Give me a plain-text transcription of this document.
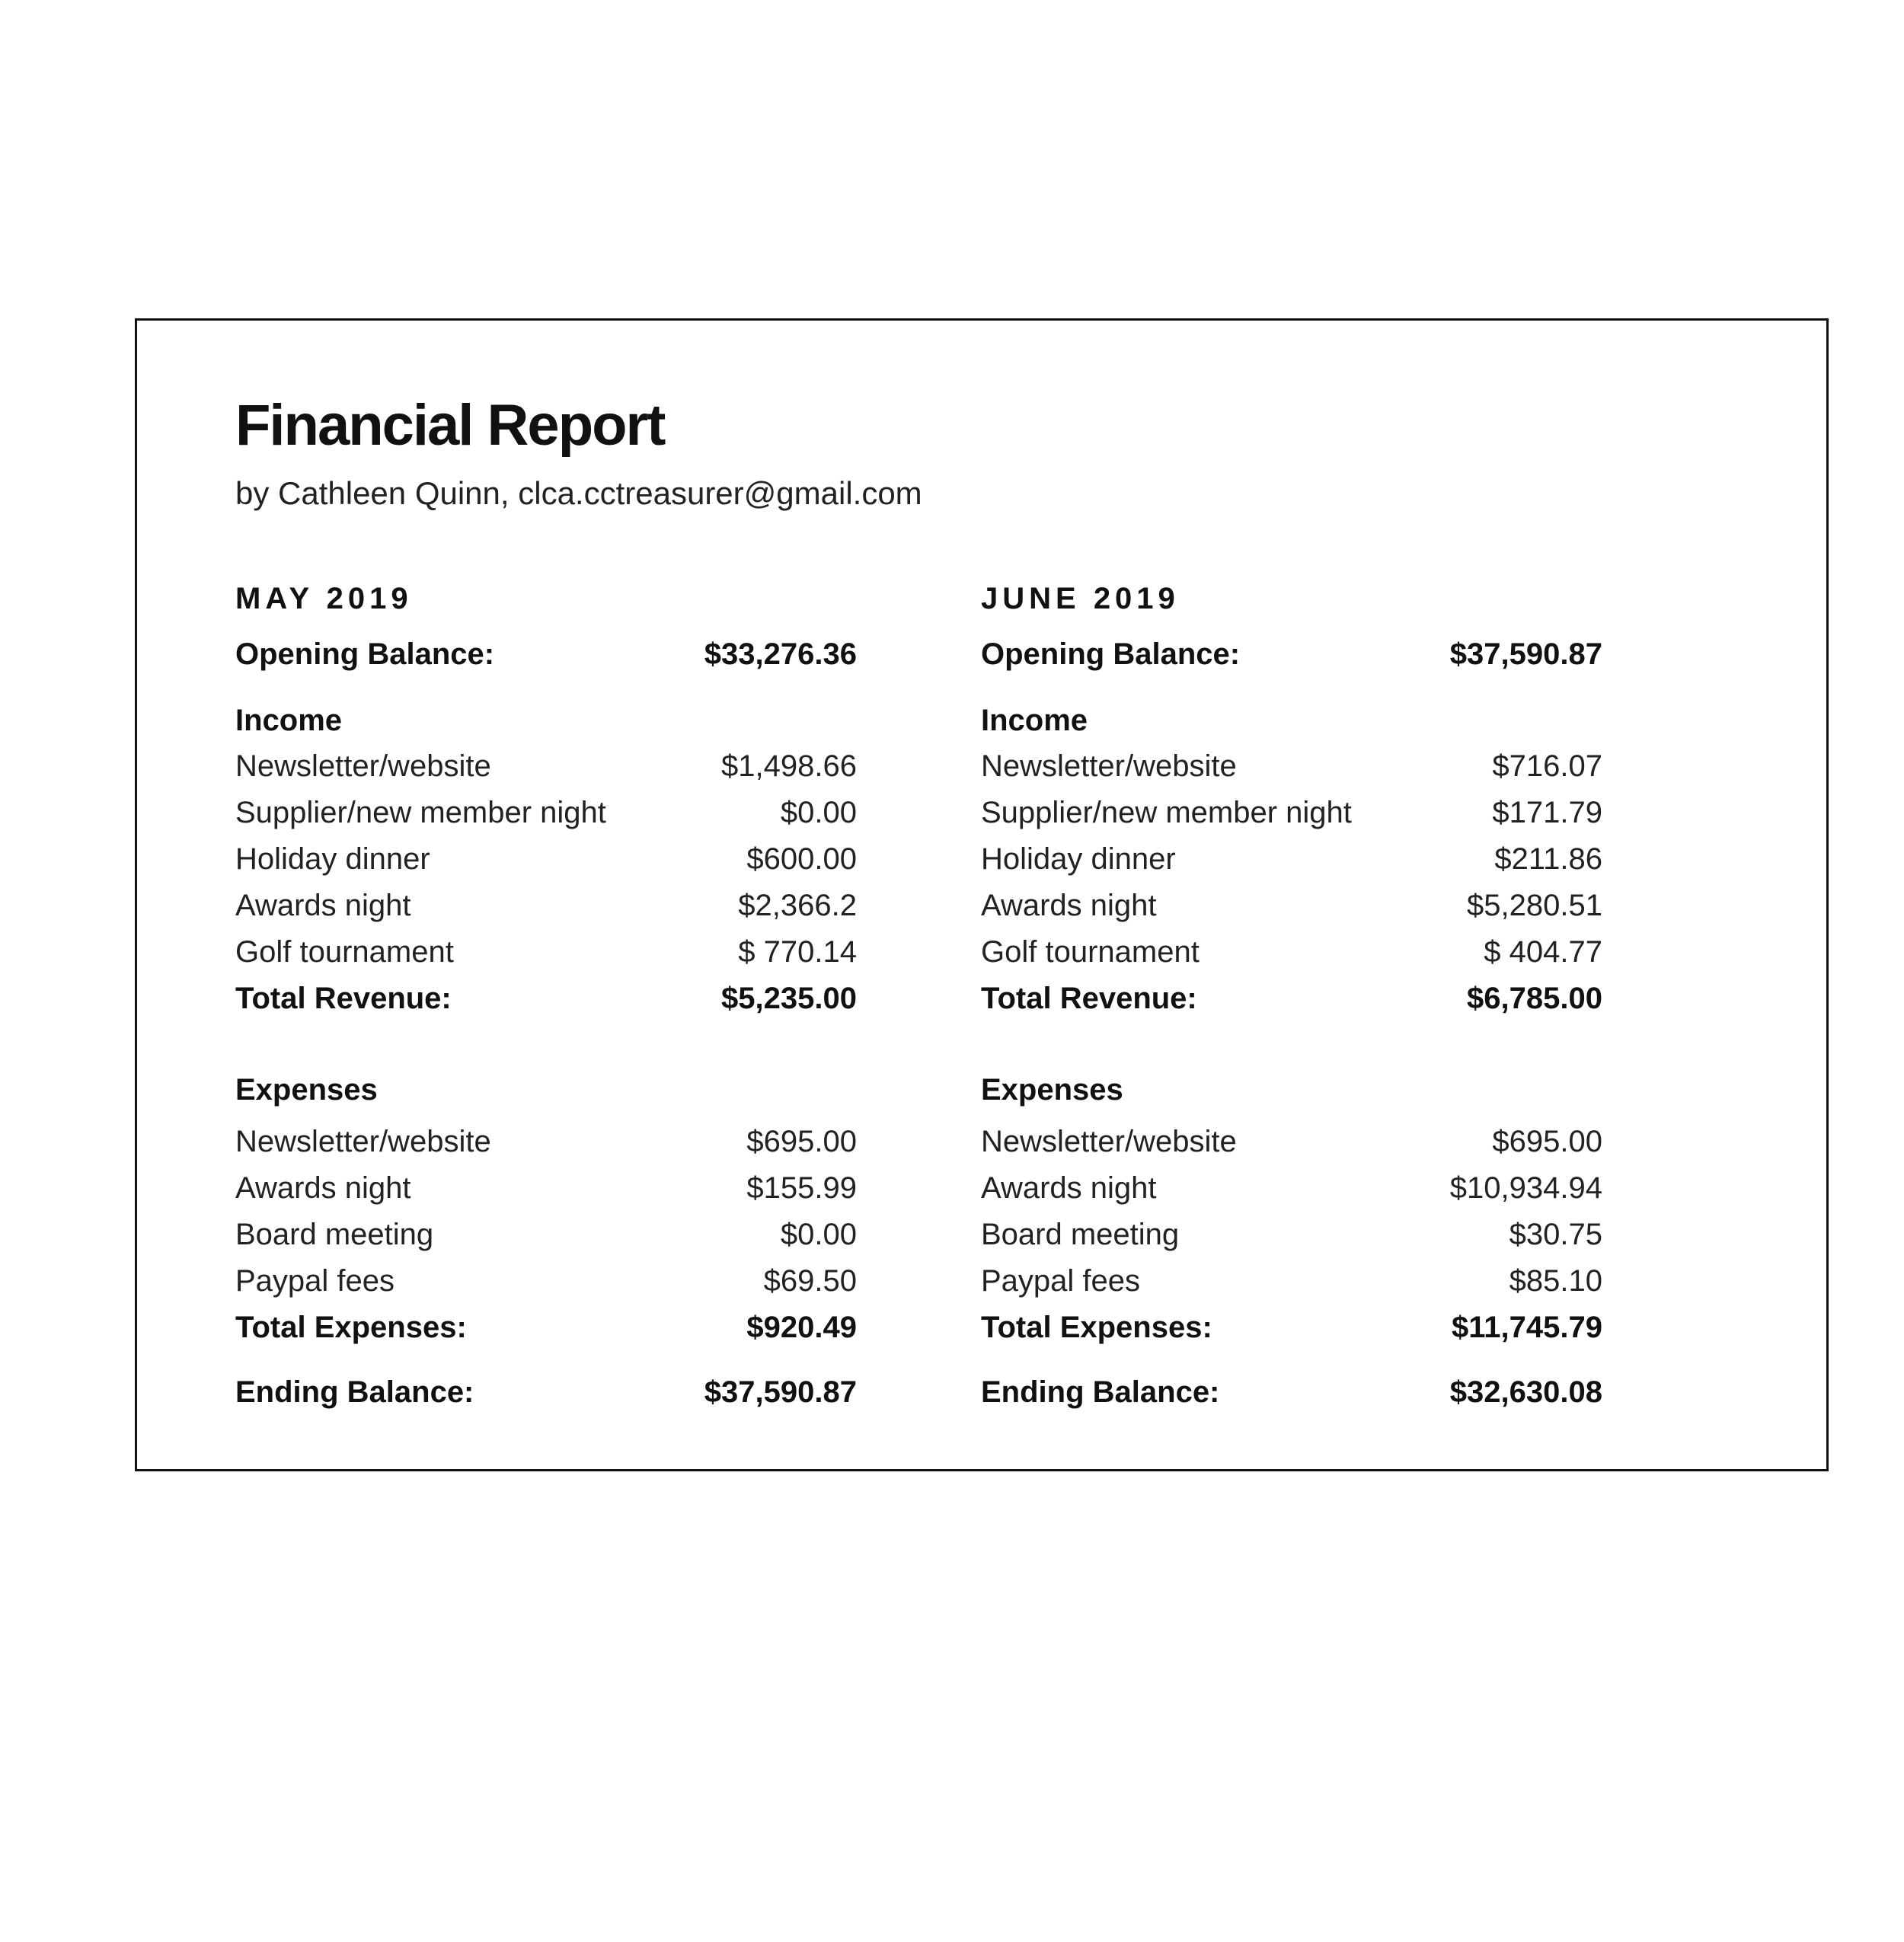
Financial Report
by Cathleen Quinn, clca.cctreasurer@gmail.com
MAY 2019
Opening Balance:	$33,276.36
Income
Newsletter/website	$1,498.66
Supplier/new member night	$0.00
Holiday dinner	$600.00
Awards night	$2,366.2
Golf tournament	$ 770.14
Total Revenue:	$5,235.00
Expenses
Newsletter/website	$695.00
Awards night	$155.99
Board meeting	$0.00
Paypal fees	$69.50
Total Expenses:	$920.49
Ending Balance:	$37,590.87
JUNE 2019
Opening Balance:	$37,590.87
Income
Newsletter/website	$716.07
Supplier/new member night	$171.79
Holiday dinner	$211.86
Awards night	$5,280.51
Golf tournament	$ 404.77
Total Revenue:	$6,785.00
Expenses
Newsletter/website	$695.00
Awards night	$10,934.94
Board meeting	$30.75
Paypal fees	$85.10
Total Expenses:	$11,745.79
Ending Balance:	$32,630.08
